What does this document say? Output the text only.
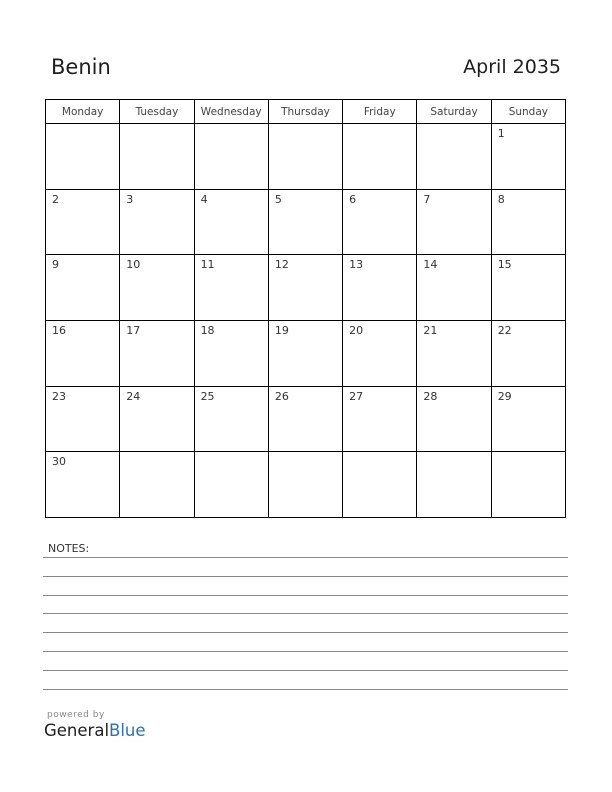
Benin	April 2035
Monday	Tuesday	Wednesday	Thursday	Friday	Saturday	Sunday

						1

2	3	4	5	6	7	8

9	10	11	12	13	14	15

16	17	18	19	20	21	22

23	24	25	26	27	28	29

30						

NOTES:
powered by
GeneralBlue
